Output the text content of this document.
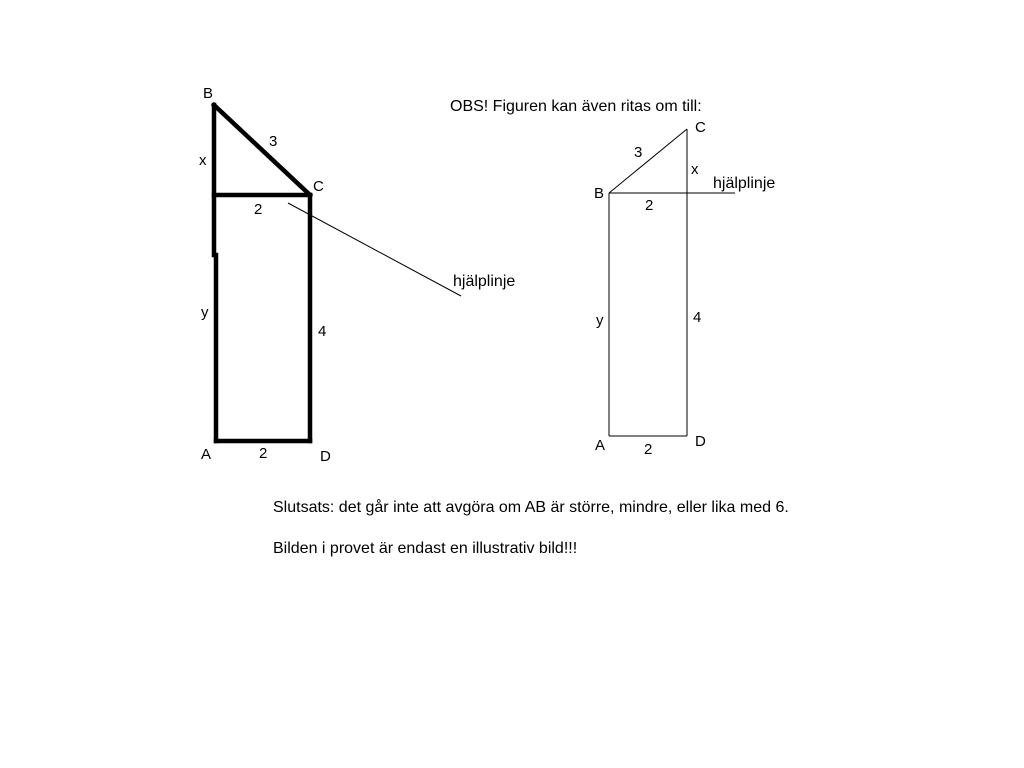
B
3
x
C
2
hjälplinje
y
4
A	2	D
OBS! Figuren kan även ritas om till:
C
3
x
hjälplinje
B
2
y	4
A	2	D
Slutsats: det går inte att avgöra om AB är större, mindre, eller lika med 6.
Bilden i provet är endast en illustrativ bild!!!
